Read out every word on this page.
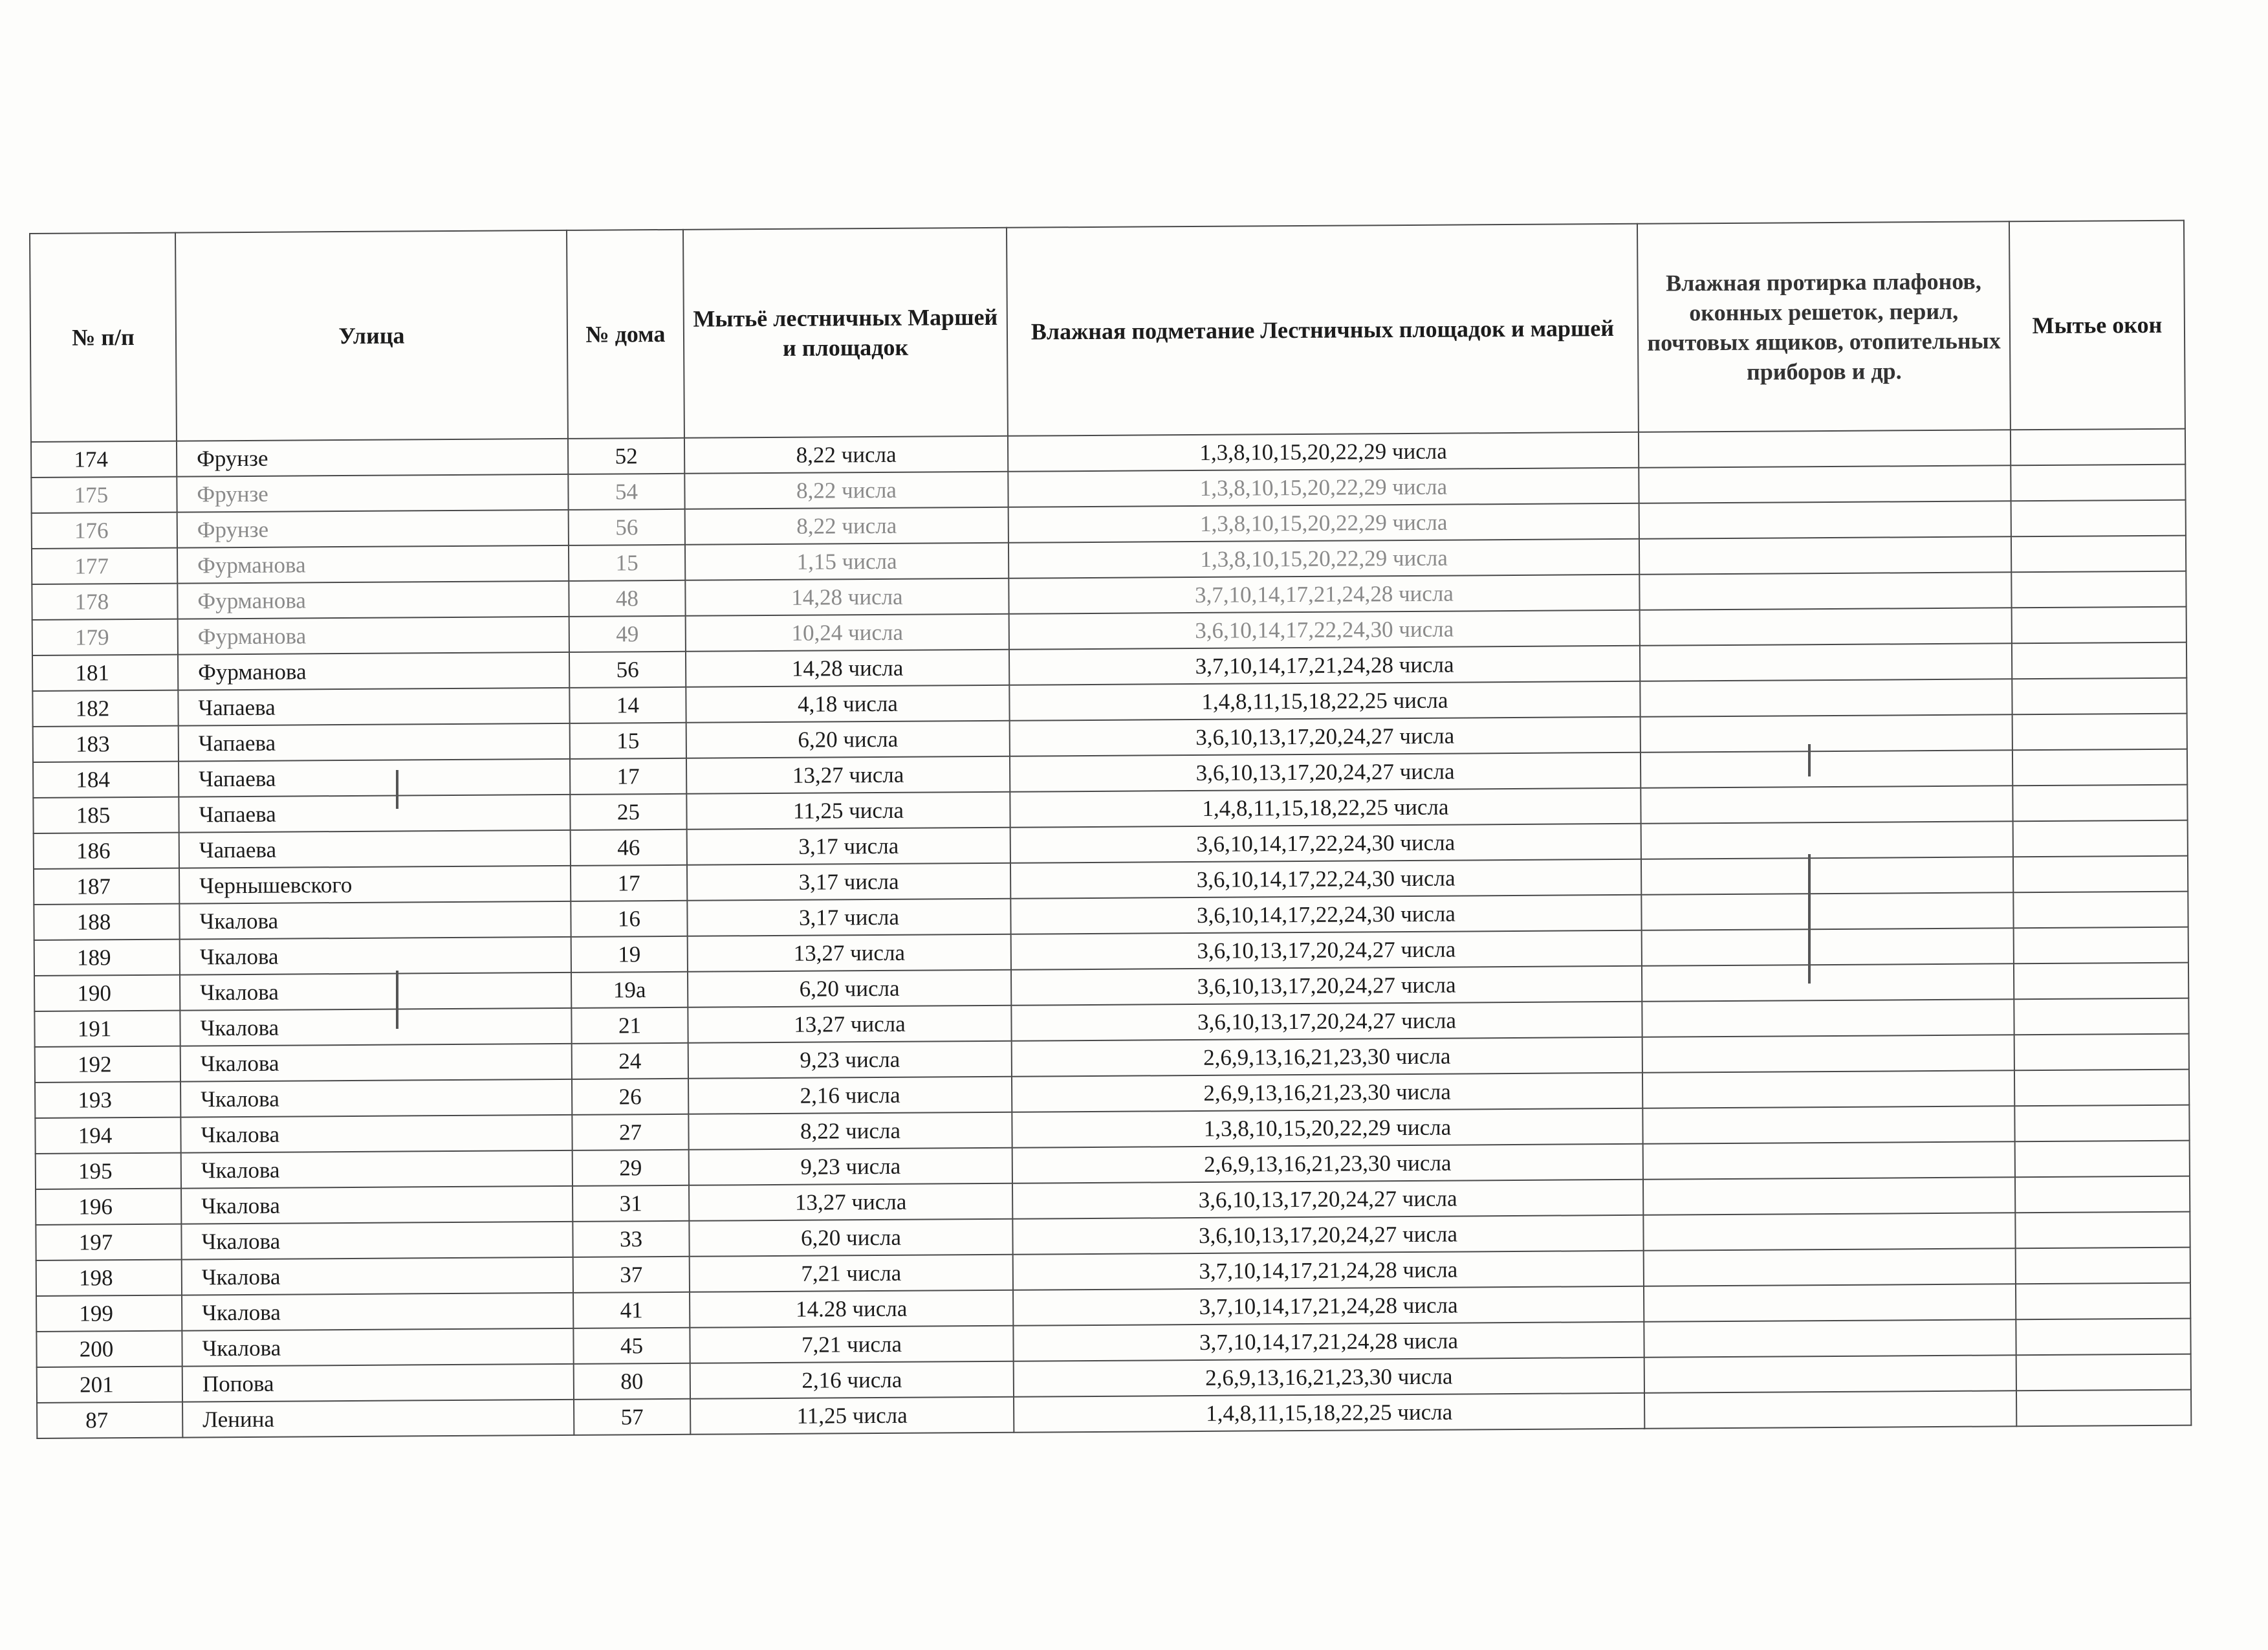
№ п/п	Улица	№ дома	Мытьё лестничных Маршей и площадок	Влажная подметание Лестничных площадок и маршей	Влажная протирка плафонов, оконных решеток, перил, почтовых ящиков, отопительных приборов и др.	Мытье окон
174	Фрунзе	52	8,22 числа	1,3,8,10,15,20,22,29 числа		
175	Фрунзе	54	8,22 числа	1,3,8,10,15,20,22,29 числа		
176	Фрунзе	56	8,22 числа	1,3,8,10,15,20,22,29 числа		
177	Фурманова	15	1,15 числа	1,3,8,10,15,20,22,29 числа		
178	Фурманова	48	14,28 числа	3,7,10,14,17,21,24,28 числа		
179	Фурманова	49	10,24 числа	3,6,10,14,17,22,24,30 числа		
181	Фурманова	56	14,28 числа	3,7,10,14,17,21,24,28 числа		
182	Чапаева	14	4,18 числа	1,4,8,11,15,18,22,25 числа		
183	Чапаева	15	6,20 числа	3,6,10,13,17,20,24,27 числа		
184	Чапаева	17	13,27 числа	3,6,10,13,17,20,24,27 числа		
185	Чапаева	25	11,25 числа	1,4,8,11,15,18,22,25 числа		
186	Чапаева	46	3,17 числа	3,6,10,14,17,22,24,30 числа		
187	Чернышевского	17	3,17 числа	3,6,10,14,17,22,24,30 числа		
188	Чкалова	16	3,17 числа	3,6,10,14,17,22,24,30 числа		
189	Чкалова	19	13,27 числа	3,6,10,13,17,20,24,27 числа		
190	Чкалова	19а	6,20 числа	3,6,10,13,17,20,24,27 числа		
191	Чкалова	21	13,27 числа	3,6,10,13,17,20,24,27 числа		
192	Чкалова	24	9,23 числа	2,6,9,13,16,21,23,30 числа		
193	Чкалова	26	2,16 числа	2,6,9,13,16,21,23,30 числа		
194	Чкалова	27	8,22 числа	1,3,8,10,15,20,22,29 числа		
195	Чкалова	29	9,23 числа	2,6,9,13,16,21,23,30 числа		
196	Чкалова	31	13,27 числа	3,6,10,13,17,20,24,27 числа		
197	Чкалова	33	6,20 числа	3,6,10,13,17,20,24,27 числа		
198	Чкалова	37	7,21 числа	3,7,10,14,17,21,24,28 числа		
199	Чкалова	41	14.28 числа	3,7,10,14,17,21,24,28 числа		
200	Чкалова	45	7,21 числа	3,7,10,14,17,21,24,28 числа		
201	Попова	80	2,16 числа	2,6,9,13,16,21,23,30 числа		
87	Ленина	57	11,25 числа	1,4,8,11,15,18,22,25 числа		
